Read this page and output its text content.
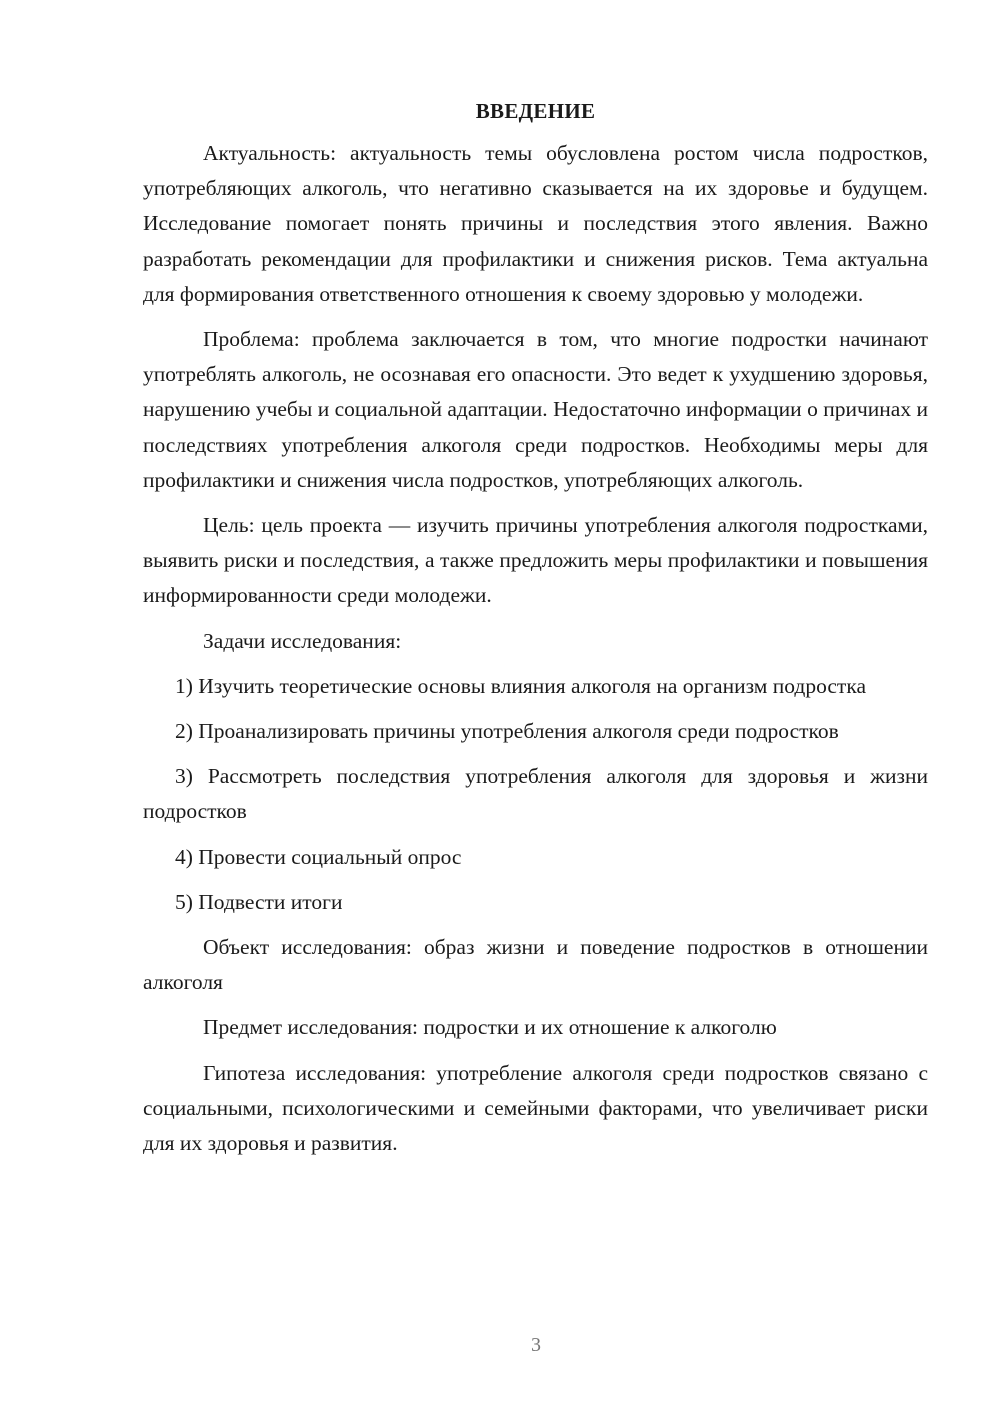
ВВЕДЕНИЕ

Актуальность: актуальность темы обусловлена ростом числа подростков, употребляющих алкоголь, что негативно сказывается на их здоровье и будущем. Исследование помогает понять причины и последствия этого явления. Важно разработать рекомендации для профилактики и снижения рисков. Тема актуальна для формирования ответственного отношения к своему здоровью у молодежи.

Проблема: проблема заключается в том, что многие подростки начинают употреблять алкоголь, не осознавая его опасности. Это ведет к ухудшению здоровья, нарушению учебы и социальной адаптации. Недостаточно информации о причинах и последствиях употребления алкоголя среди подростков. Необходимы меры для профилактики и снижения числа подростков, употребляющих алкоголь.

Цель: цель проекта — изучить причины употребления алкоголя подростками, выявить риски и последствия, а также предложить меры профилактики и повышения информированности среди молодежи.

Задачи исследования:

1) Изучить теоретические основы влияния алкоголя на организм подростка

2) Проанализировать причины употребления алкоголя среди подростков

3) Рассмотреть последствия употребления алкоголя для здоровья и жизни подростков

4) Провести социальный опрос

5) Подвести итоги

Объект исследования: образ жизни и поведение подростков в отношении алкоголя

Предмет исследования: подростки и их отношение к алкоголю

Гипотеза исследования: употребление алкоголя среди подростков связано с социальными, психологическими и семейными факторами, что увеличивает риски для их здоровья и развития.

3
